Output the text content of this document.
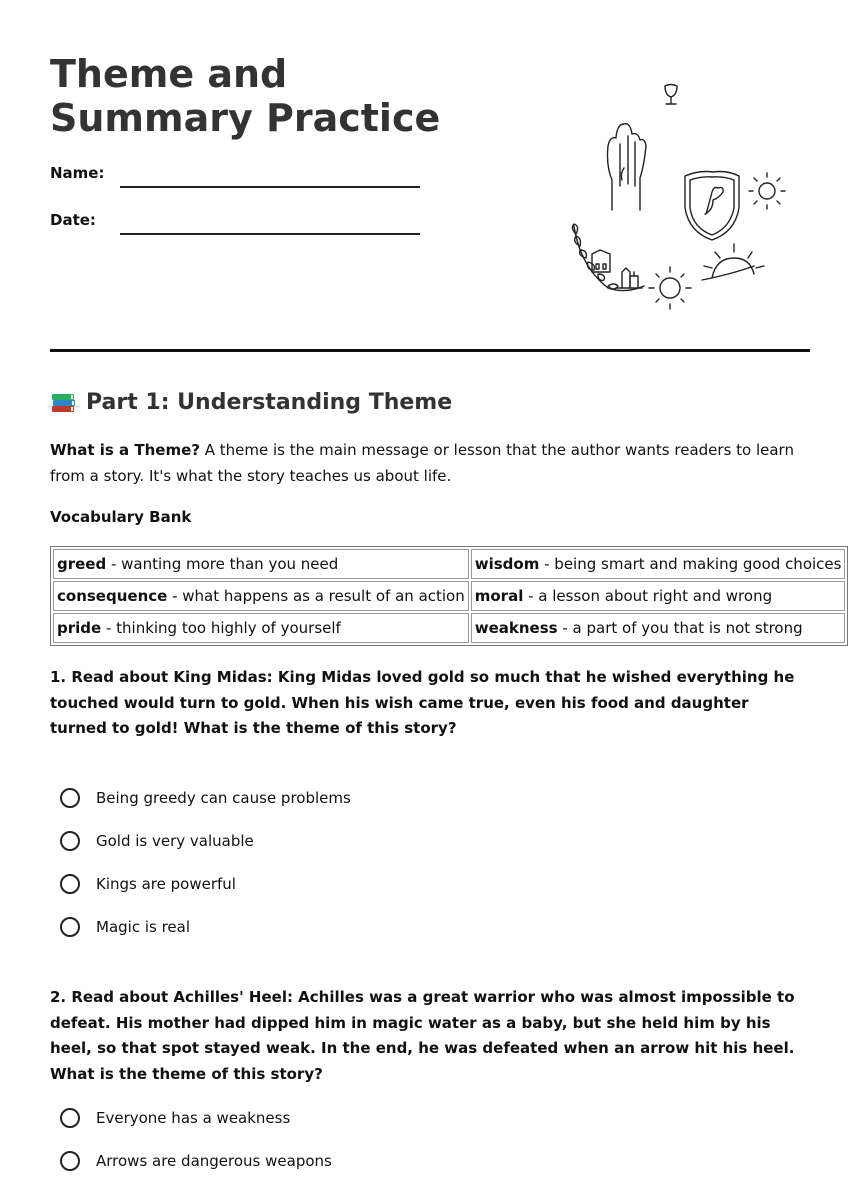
Theme and Summary Practice
Name:
Date:
Part 1: Understanding Theme

What is a Theme? A theme is the main message or lesson that the author wants readers to learn from a story. It's what the story teaches us about life.

Vocabulary Bank
greed - wanting more than you need	wisdom - being smart and making good choices
consequence - what happens as a result of an action	moral - a lesson about right and wrong
pride - thinking too highly of yourself	weakness - a part of you that is not strong

1. Read about King Midas: King Midas loved gold so much that he wished everything he touched would turn to gold. When his wish came true, even his food and daughter turned to gold! What is the theme of this story?

Being greedy can cause problems
Gold is very valuable
Kings are powerful
Magic is real

2. Read about Achilles' Heel: Achilles was a great warrior who was almost impossible to defeat. His mother had dipped him in magic water as a baby, but she held him by his heel, so that spot stayed weak. In the end, he was defeated when an arrow hit his heel. What is the theme of this story?

Everyone has a weakness
Arrows are dangerous weapons
